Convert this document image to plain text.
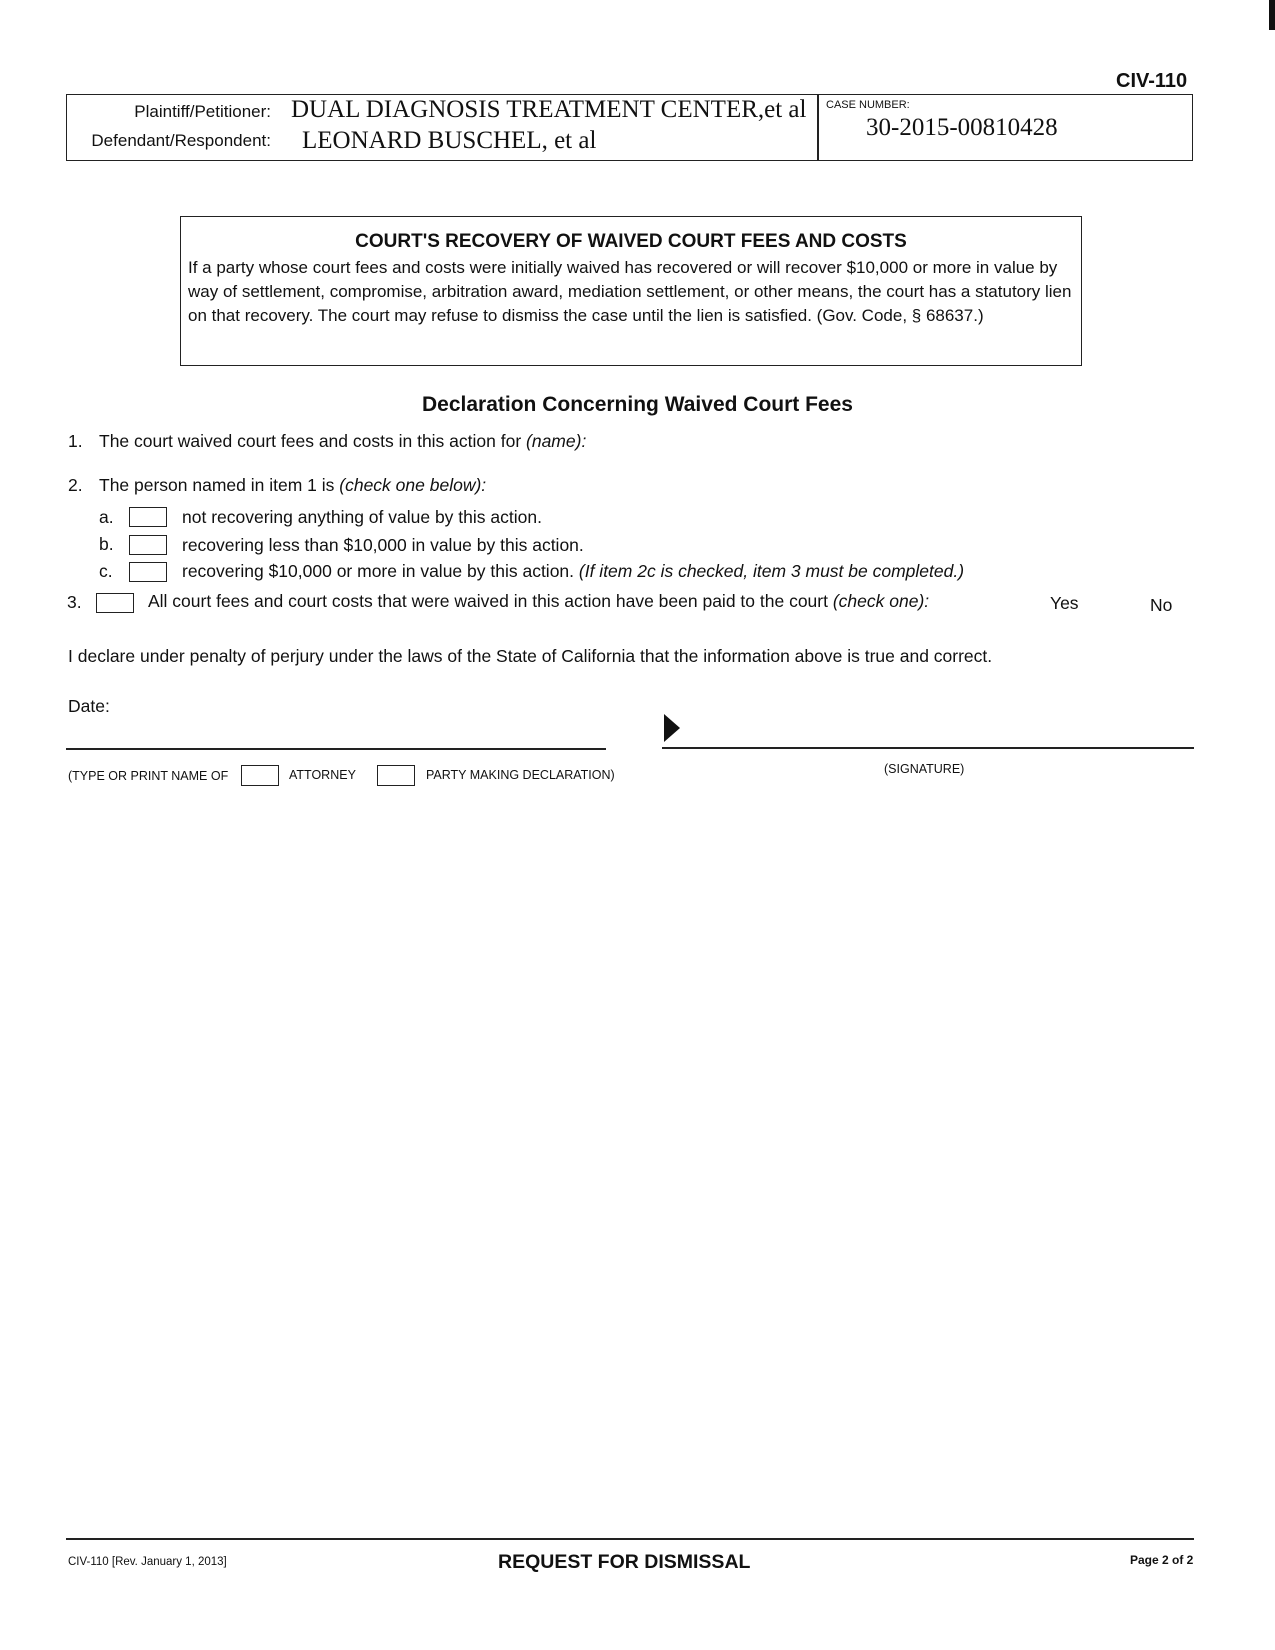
CIV-110
Plaintiff/Petitioner: DUAL DIAGNOSIS TREATMENT CENTER,et al
Defendant/Respondent: LEONARD BUSCHEL, et al
CASE NUMBER:
30-2015-00810428
COURT'S RECOVERY OF WAIVED COURT FEES AND COSTS
If a party whose court fees and costs were initially waived has recovered or will recover $10,000 or more in value by way of settlement, compromise, arbitration award, mediation settlement, or other means, the court has a statutory lien on that recovery. The court may refuse to dismiss the case until the lien is satisfied. (Gov. Code, § 68637.)
Declaration Concerning Waived Court Fees
1. The court waived court fees and costs in this action for (name):
2. The person named in item 1 is (check one below):
a.	not recovering anything of value by this action.
b.	recovering less than $10,000 in value by this action.
c.	recovering $10,000 or more in value by this action. (If item 2c is checked, item 3 must be completed.)
3.	All court fees and court costs that were waived in this action have been paid to the court (check one):	Yes	No
I declare under penalty of perjury under the laws of the State of California that the information above is true and correct.
Date:
(TYPE OR PRINT NAME OF	ATTORNEY	PARTY MAKING DECLARATION)	(SIGNATURE)
CIV-110 [Rev. January 1, 2013]	REQUEST FOR DISMISSAL	Page 2 of 2
